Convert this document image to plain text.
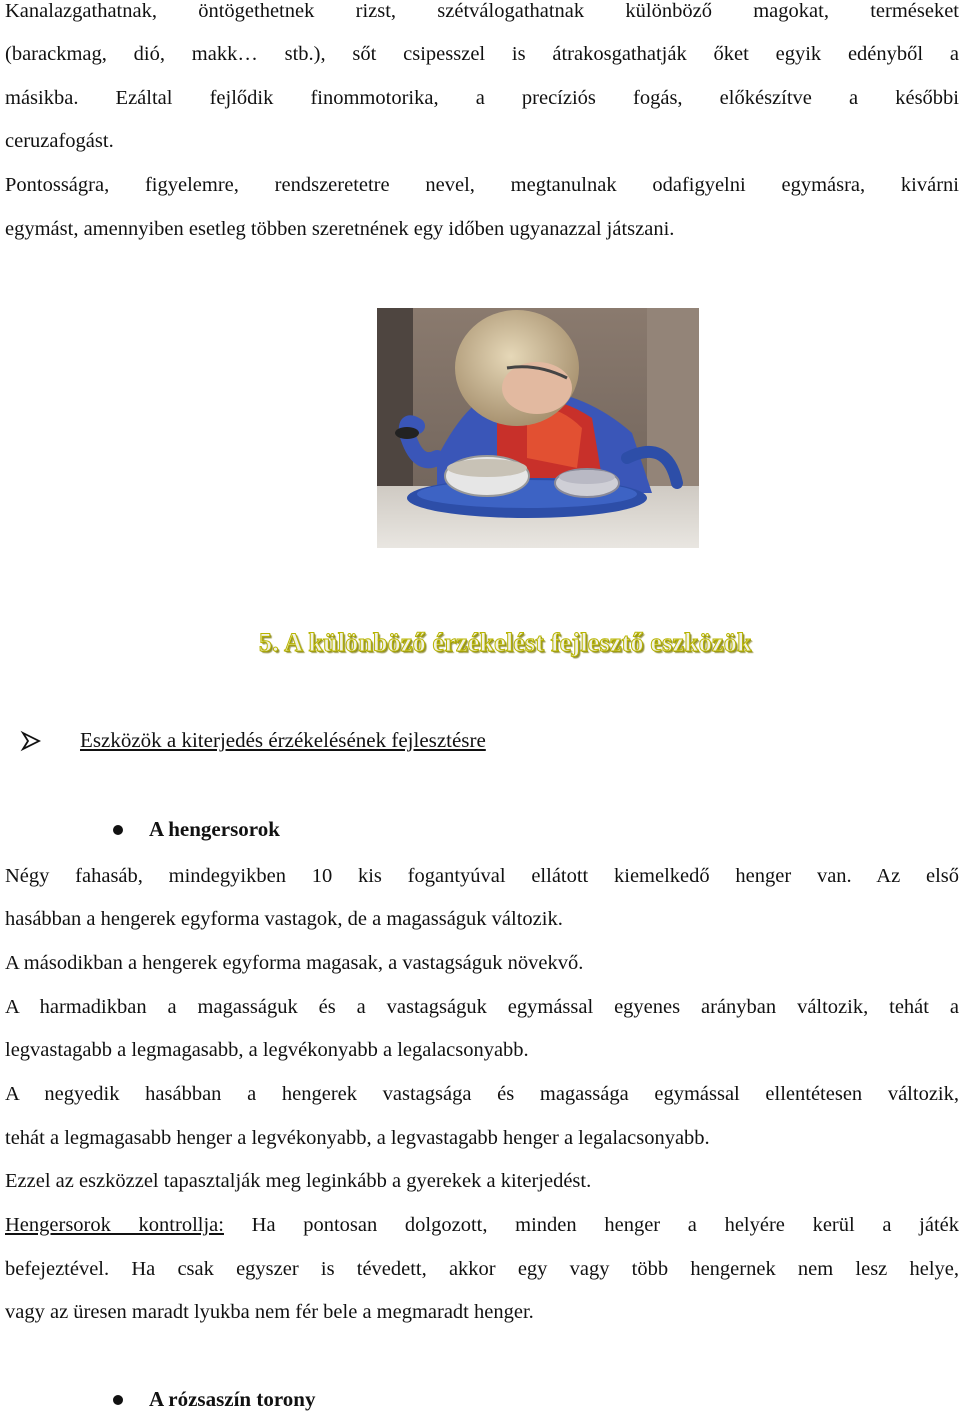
Kanalazgathatnak, öntögethetnek rizst, szétválogathatnak különböző magokat, terméseket
(barackmag, dió, makk… stb.), sőt csipesszel is átrakosgathatják őket egyik edényből a
másikba. Ezáltal fejlődik finommotorika, a precíziós fogás, előkészítve a későbbi
ceruzafogást.
Pontosságra, figyelemre, rendszeretetre nevel, megtanulnak odafigyelni egymásra, kivárni
egymást, amennyiben esetleg többen szeretnének egy időben ugyanazzal játszani.
5. A különböző érzékelést fejlesztő eszközök
Eszközök a kiterjedés érzékelésének fejlesztésre
A hengersorok
Négy fahasáb, mindegyikben 10 kis fogantyúval ellátott kiemelkedő henger van. Az első
hasábban a hengerek egyforma vastagok, de a magasságuk változik.
A másodikban a hengerek egyforma magasak, a vastagságuk növekvő.
A harmadikban a magasságuk és a vastagságuk egymással egyenes arányban változik, tehát a
legvastagabb a legmagasabb, a legvékonyabb a legalacsonyabb.
A negyedik hasábban a hengerek vastagsága és magassága egymással ellentétesen változik,
tehát a legmagasabb henger a legvékonyabb, a legvastagabb henger a legalacsonyabb.
Ezzel az eszközzel tapasztalják meg leginkább a gyerekek a kiterjedést.
Hengersorok kontrollja: Ha pontosan dolgozott, minden henger a helyére kerül a játék
befejeztével. Ha csak egyszer is tévedett, akkor egy vagy több hengernek nem lesz helye,
vagy az üresen maradt lyukba nem fér bele a megmaradt henger.
A rózsaszín torony
